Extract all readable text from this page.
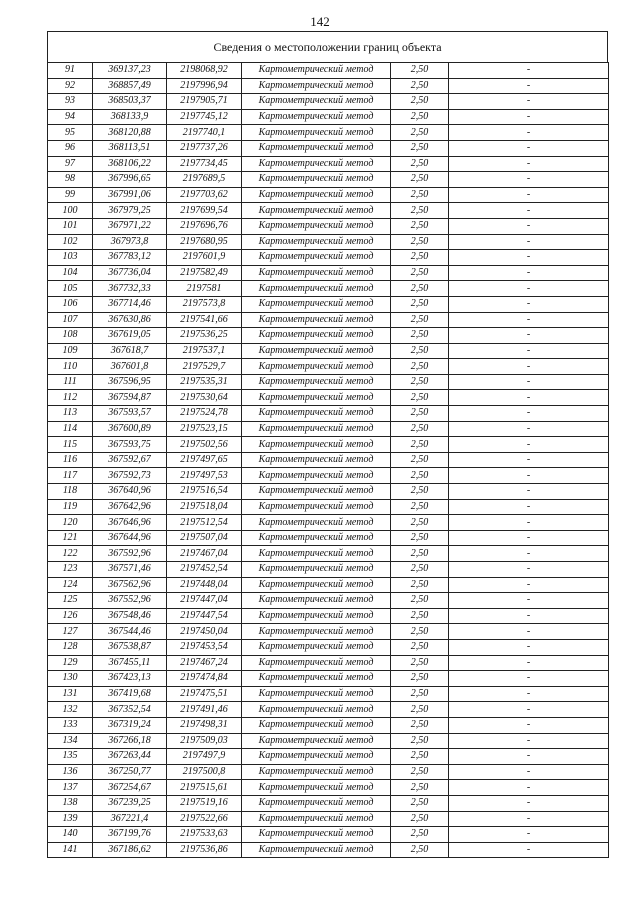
142
Сведения о местоположении границ объекта
91	369137,23	2198068,92	Картометрический метод	2,50	-
92	368857,49	2197996,94	Картометрический метод	2,50	-
93	368503,37	2197905,71	Картометрический метод	2,50	-
94	368133,9	2197745,12	Картометрический метод	2,50	-
95	368120,88	2197740,1	Картометрический метод	2,50	-
96	368113,51	2197737,26	Картометрический метод	2,50	-
97	368106,22	2197734,45	Картометрический метод	2,50	-
98	367996,65	2197689,5	Картометрический метод	2,50	-
99	367991,06	2197703,62	Картометрический метод	2,50	-
100	367979,25	2197699,54	Картометрический метод	2,50	-
101	367971,22	2197696,76	Картометрический метод	2,50	-
102	367973,8	2197680,95	Картометрический метод	2,50	-
103	367783,12	2197601,9	Картометрический метод	2,50	-
104	367736,04	2197582,49	Картометрический метод	2,50	-
105	367732,33	2197581	Картометрический метод	2,50	-
106	367714,46	2197573,8	Картометрический метод	2,50	-
107	367630,86	2197541,66	Картометрический метод	2,50	-
108	367619,05	2197536,25	Картометрический метод	2,50	-
109	367618,7	2197537,1	Картометрический метод	2,50	-
110	367601,8	2197529,7	Картометрический метод	2,50	-
111	367596,95	2197535,31	Картометрический метод	2,50	-
112	367594,87	2197530,64	Картометрический метод	2,50	-
113	367593,57	2197524,78	Картометрический метод	2,50	-
114	367600,89	2197523,15	Картометрический метод	2,50	-
115	367593,75	2197502,56	Картометрический метод	2,50	-
116	367592,67	2197497,65	Картометрический метод	2,50	-
117	367592,73	2197497,53	Картометрический метод	2,50	-
118	367640,96	2197516,54	Картометрический метод	2,50	-
119	367642,96	2197518,04	Картометрический метод	2,50	-
120	367646,96	2197512,54	Картометрический метод	2,50	-
121	367644,96	2197507,04	Картометрический метод	2,50	-
122	367592,96	2197467,04	Картометрический метод	2,50	-
123	367571,46	2197452,54	Картометрический метод	2,50	-
124	367562,96	2197448,04	Картометрический метод	2,50	-
125	367552,96	2197447,04	Картометрический метод	2,50	-
126	367548,46	2197447,54	Картометрический метод	2,50	-
127	367544,46	2197450,04	Картометрический метод	2,50	-
128	367538,87	2197453,54	Картометрический метод	2,50	-
129	367455,11	2197467,24	Картометрический метод	2,50	-
130	367423,13	2197474,84	Картометрический метод	2,50	-
131	367419,68	2197475,51	Картометрический метод	2,50	-
132	367352,54	2197491,46	Картометрический метод	2,50	-
133	367319,24	2197498,31	Картометрический метод	2,50	-
134	367266,18	2197509,03	Картометрический метод	2,50	-
135	367263,44	2197497,9	Картометрический метод	2,50	-
136	367250,77	2197500,8	Картометрический метод	2,50	-
137	367254,67	2197515,61	Картометрический метод	2,50	-
138	367239,25	2197519,16	Картометрический метод	2,50	-
139	367221,4	2197522,66	Картометрический метод	2,50	-
140	367199,76	2197533,63	Картометрический метод	2,50	-
141	367186,62	2197536,86	Картометрический метод	2,50	-
